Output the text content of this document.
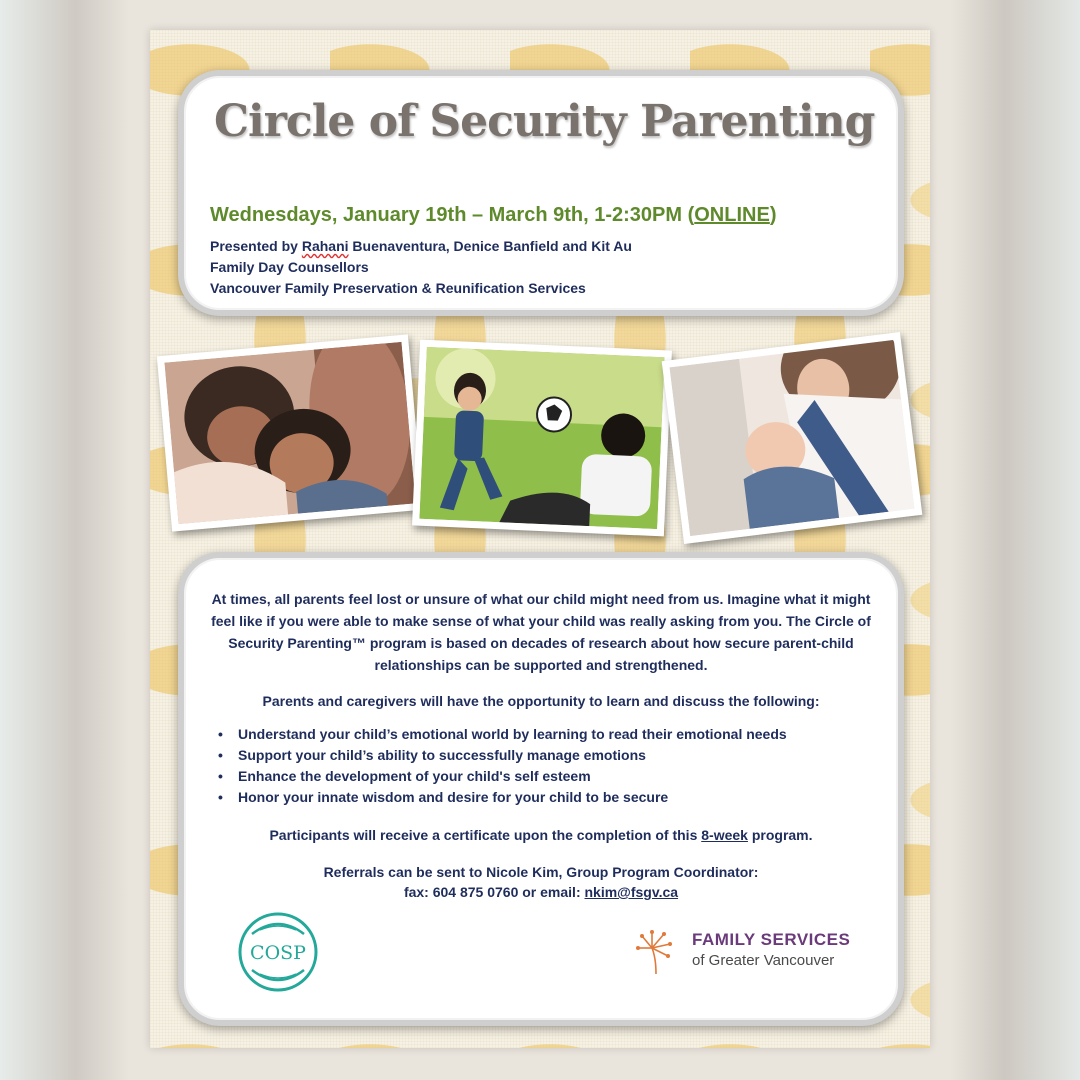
Circle of Security Parenting

Wednesdays, January 19th – March 9th, 1-2:30PM (ONLINE)

Presented by Rahani Buenaventura, Denice Banfield and Kit Au
Family Day Counsellors
Vancouver Family Preservation & Reunification Services

At times, all parents feel lost or unsure of what our child might need from us. Imagine what it might feel like if you were able to make sense of what your child was really asking from you. The Circle of Security Parenting™ program is based on decades of research about how secure parent-child relationships can be supported and strengthened.

Parents and caregivers will have the opportunity to learn and discuss the following:

• Understand your child’s emotional world by learning to read their emotional needs
• Support your child’s ability to successfully manage emotions
• Enhance the development of your child's self esteem
• Honor your innate wisdom and desire for your child to be secure

Participants will receive a certificate upon the completion of this 8-week program.

Referrals can be sent to Nicole Kim, Group Program Coordinator:
fax: 604 875 0760 or email: nkim@fsgv.ca

COSP
FAMILY SERVICES
of Greater Vancouver
